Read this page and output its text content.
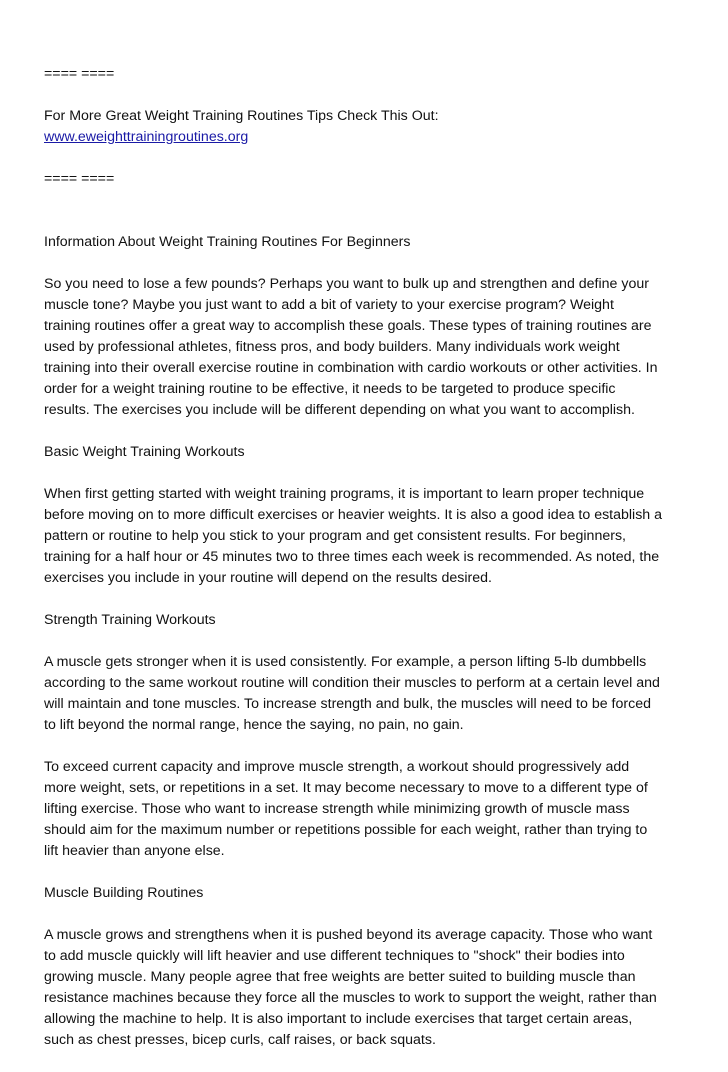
==== ====

For More Great Weight Training Routines Tips Check This Out:

www.eweighttrainingroutines.org

==== ====

Information About Weight Training Routines For Beginners

So you need to lose a few pounds? Perhaps you want to bulk up and strengthen and define your

muscle tone? Maybe you just want to add a bit of variety to your exercise program? Weight

training routines offer a great way to accomplish these goals. These types of training routines are

used by professional athletes, fitness pros, and body builders. Many individuals work weight

training into their overall exercise routine in combination with cardio workouts or other activities. In

order for a weight training routine to be effective, it needs to be targeted to produce specific

results. The exercises you include will be different depending on what you want to accomplish.

Basic Weight Training Workouts

When first getting started with weight training programs, it is important to learn proper technique

before moving on to more difficult exercises or heavier weights. It is also a good idea to establish a

pattern or routine to help you stick to your program and get consistent results. For beginners,

training for a half hour or 45 minutes two to three times each week is recommended. As noted, the

exercises you include in your routine will depend on the results desired.

Strength Training Workouts

A muscle gets stronger when it is used consistently. For example, a person lifting 5-lb dumbbells

according to the same workout routine will condition their muscles to perform at a certain level and

will maintain and tone muscles. To increase strength and bulk, the muscles will need to be forced

to lift beyond the normal range, hence the saying, no pain, no gain.

To exceed current capacity and improve muscle strength, a workout should progressively add

more weight, sets, or repetitions in a set. It may become necessary to move to a different type of

lifting exercise. Those who want to increase strength while minimizing growth of muscle mass

should aim for the maximum number or repetitions possible for each weight, rather than trying to

lift heavier than anyone else.

Muscle Building Routines

A muscle grows and strengthens when it is pushed beyond its average capacity. Those who want

to add muscle quickly will lift heavier and use different techniques to "shock" their bodies into

growing muscle. Many people agree that free weights are better suited to building muscle than

resistance machines because they force all the muscles to work to support the weight, rather than

allowing the machine to help. It is also important to include exercises that target certain areas,

such as chest presses, bicep curls, calf raises, or back squats.
